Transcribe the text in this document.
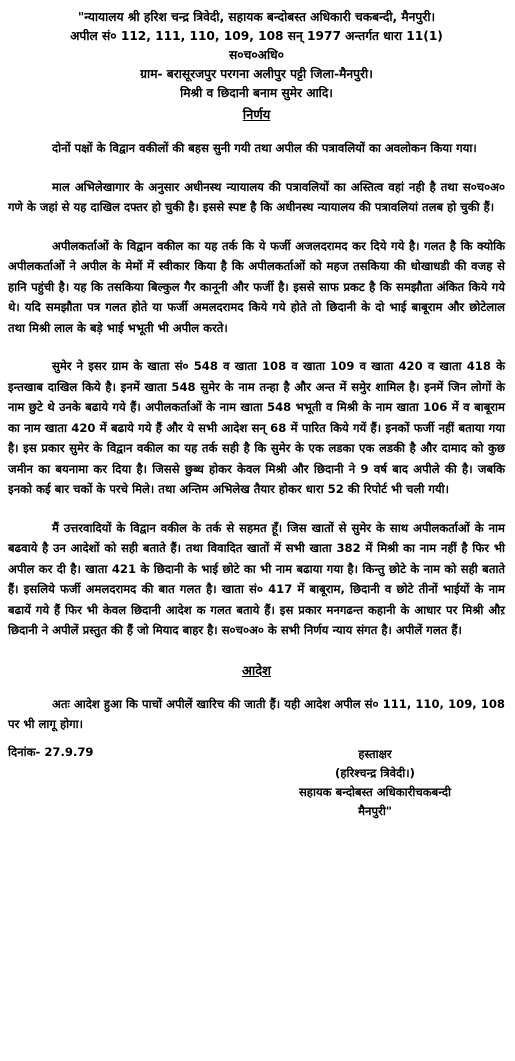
"न्यायालय श्री हरिश चन्द्र त्रिवेदी, सहायक बन्दोबस्त अधिकारी चकबन्दी, मैनपुरी।
अपील सं० 112, 111, 110, 109, 108 सन् 1977 अन्तर्गत धारा 11(1)
स०च०अधि०
ग्राम- बरासूरजपुर परगना अलीपुर पट्टी जिला-मैनपुरी।
मिश्री व छिदानी बनाम सुमेर आदि।
निर्णय

दोनों पक्षों के विद्वान वकीलों की बहस सुनी गयी तथा अपील की पत्रावलियों का अवलोकन किया गया।

माल अभिलेखागार के अनुसार अधीनस्थ न्यायालय की पत्रावलियों का अस्तित्व वहां नही है तथा स०च०अ० गणे के जहां से यह दाखिल दफ्तर हो चुकी है। इससे स्पष्ट है कि अधीनस्थ न्यायालय की पत्रावलियां तलब हो चुकी हैं।

अपीलकर्ताओं के विद्वान वकील का यह तर्क कि ये फर्जी अजलदरामद कर दिये गये है। गलत है कि क्योकि अपीलकर्ताओं ने अपील के मेमों में स्वीकार किया है कि अपीलकर्ताओं को महज तसकिया की धोखाधडी की वजह से हानि पहुंची है। यह कि तसकिया बिल्कुल गैर कानूनी और फर्जी है। इससे साफ प्रकट है कि समझौता अंकित किये गये थे। यदि समझौता पत्र गलत होते या फर्जी अमलदरामद किये गये होते तो छिदानी के दो भाई बाबूराम और छोटेलाल तथा मिश्री लाल के बड़े भाई भभूती भी अपील करते।

सुमेर ने इसर ग्राम के खाता सं० 548 व खाता 108 व खाता 109 व खाता 420 व खाता 418 के इन्तखाब दाखिल किये है। इनमें खाता 548 सुमेर के नाम तन्हा है और अन्त में समुेर शामिल है। इनमें जिन लोगों के नाम छुटे थे उनके बढाये गये हैं। अपीलकर्ताओं के नाम खाता 548 भभूती व मिश्री के नाम खाता 106 में व बाबूराम का नाम खाता 420 में बढाये गये हैं और ये सभी आदेश सन् 68 में पारित किये गयें हैं। इनकों फर्जी नहीं बताया गया है। इस प्रकार सुमेर के विद्वान वकील का यह तर्क सही है कि सुमेर के एक लडका एक लडकी है और दामाद को कुछ जमीन का बयनामा कर दिया है। जिससे छुब्ध होकर केवल मिश्री और छिदानी ने 9 वर्ष बाद अपीले की है। जबकि इनको कई बार चकों के परचे मिले। तथा अन्तिम अभिलेख तैयार होकर धारा 52 की रिपोर्ट भी चली गयी।

मैं उत्तरवादियों के विद्वान वकील के तर्क से सहमत हूँ। जिस खातों से सुमेर के साथ अपीलकर्ताओं के नाम बढवाये है उन आदेशों को सही बताते हैं। तथा विवादित खातों में सभी खाता 382 में मिश्री का नाम नहीं है फिर भी अपील कर दी है। खाता 421 के छिदानी के भाई छोटे का भी नाम बढाया गया है। किन्तु छोटे के नाम को सही बताते हैं। इसलिये फर्जी अमलदरामद की बात गलत है। खाता सं० 417 में बाबूराम, छिदानी व छोटे तीनों भाईयों के नाम बढायें गये हैं फिर भी केवल छिदानी आदेश क गलत बताये हैं। इस प्रकार मनगढन्त कहानी के आधार पर मिश्री औऱ छिदानी ने अपीलें प्रस्तुत की हैं जो मियाद बाहर है। स०च०अ० के सभी निर्णय न्याय संगत है। अपीलें गलत हैं।

आदेश

अतः आदेश हुआ कि पाचों अपीलें खारिच की जाती हैं। यही आदेश अपील सं० 111, 110, 109, 108 पर भी लागू होगा।

दिनांक- 27.9.79	हस्ताक्षर
(हरिश्चन्द्र त्रिवेदी।)
सहायक बन्दोबस्त अधिकारीचकबन्दी
मैनपुरी"
